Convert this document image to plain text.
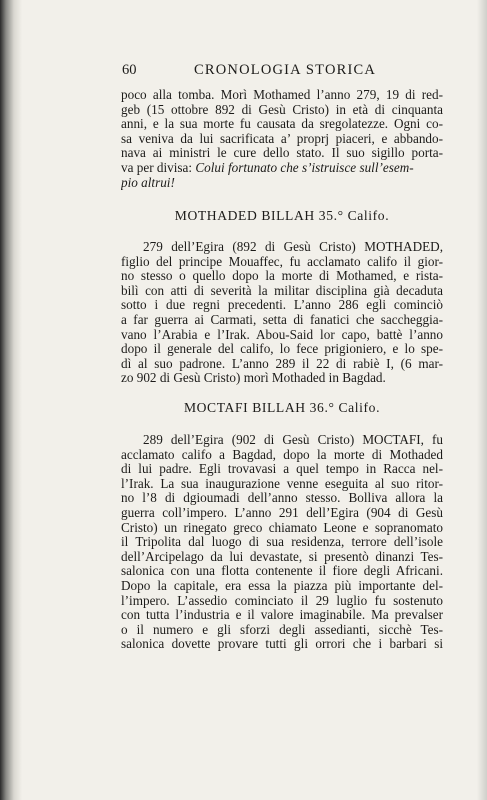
60	CRONOLOGIA STORICA
poco alla tomba. Morì Mothamed l’anno 279, 19 di red-
geb (15 ottobre 892 di Gesù Cristo) in età di cinquanta
anni, e la sua morte fu causata da sregolatezze. Ogni co-
sa veniva da lui sacrificata a’ proprj piaceri, e abbando-
nava ai ministri le cure dello stato. Il suo sigillo porta-
va per divisa: Colui fortunato che s’istruisce sull’esem-
pio altrui!
MOTHADED BILLAH 35.° Califo.
279 dell’Egira (892 di Gesù Cristo) MOTHADED,
figlio del principe Mouaffec, fu acclamato califo il gior-
no stesso o quello dopo la morte di Mothamed, e rista-
bilì con atti di severità la militar disciplina già decaduta
sotto i due regni precedenti. L’anno 286 egli cominciò
a far guerra ai Carmati, setta di fanatici che saccheggia-
vano l’Arabia e l’Irak. Abou-Said lor capo, battè l’anno
dopo il generale del califo, lo fece prigioniero, e lo spe-
dì al suo padrone. L’anno 289 il 22 di rabiè I, (6 mar-
zo 902 di Gesù Cristo) morì Mothaded in Bagdad.
MOCTAFI BILLAH 36.° Califo.
289 dell’Egira (902 di Gesù Cristo) MOCTAFI, fu
acclamato califo a Bagdad, dopo la morte di Mothaded
di lui padre. Egli trovavasi a quel tempo in Racca nel-
l’Irak. La sua inaugurazione venne eseguita al suo ritor-
no l’8 di dgioumadi dell’anno stesso. Bolliva allora la
guerra coll’impero. L’anno 291 dell’Egira (904 di Gesù
Cristo) un rinegato greco chiamato Leone e sopranomato
il Tripolita dal luogo di sua residenza, terrore dell’isole
dell’Arcipelago da lui devastate, si presentò dinanzi Tes-
salonica con una flotta contenente il fiore degli Africani.
Dopo la capitale, era essa la piazza più importante del-
l’impero. L’assedio cominciato il 29 luglio fu sostenuto
con tutta l’industria e il valore imaginabile. Ma prevalser
o il numero e gli sforzi degli assedianti, sicchè Tes-
salonica dovette provare tutti gli orrori che i barbari si
